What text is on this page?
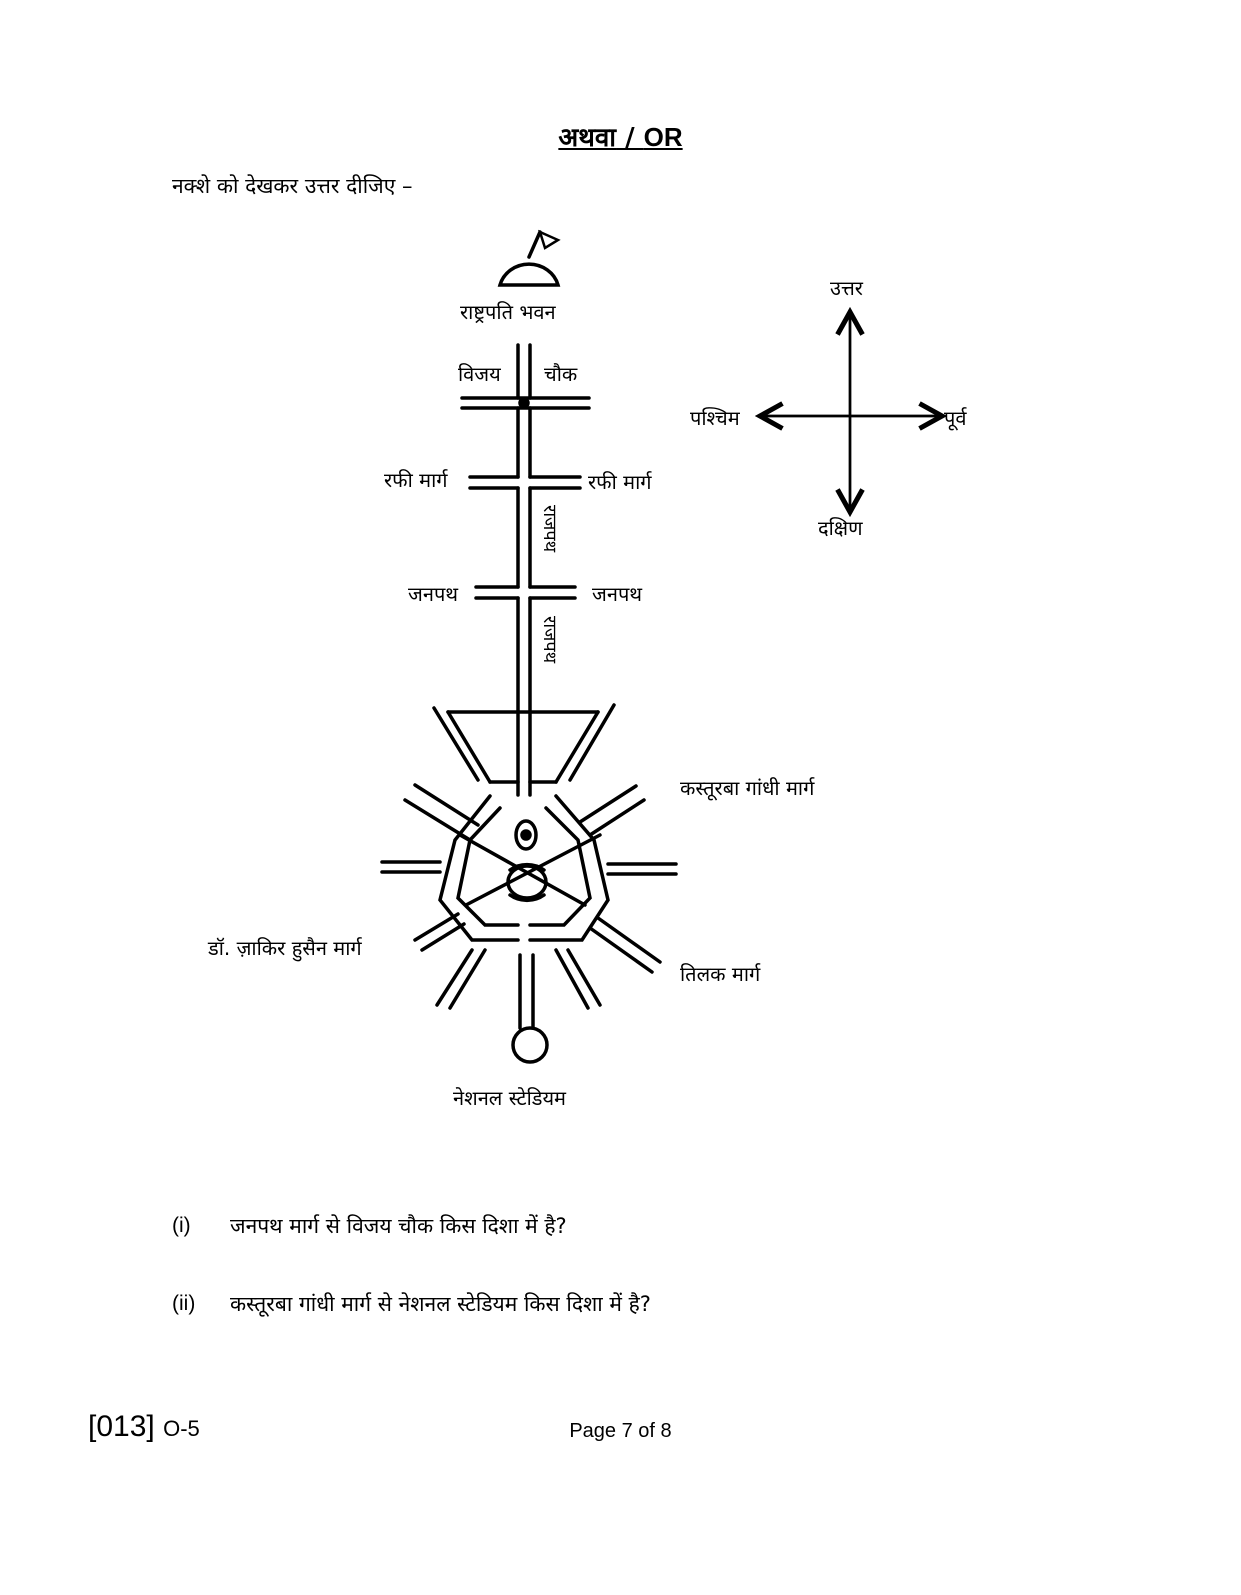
अथवा / OR
नक्शे को देखकर उत्तर दीजिए –
राष्ट्रपति भवन
विजय चौक
रफी मार्ग	रफी मार्ग
राजपथ
राजपथ
जनपथ	जनपथ
कस्तूरबा गांधी मार्ग
डॉ. ज़ाकिर हुसैन मार्ग
तिलक मार्ग
नेशनल स्टेडियम
उत्तर
दक्षिण
पश्चिम	पूर्व
(i) जनपथ मार्ग से विजय चौक किस दिशा में है?
(ii) कस्तूरबा गांधी मार्ग से नेशनल स्टेडियम किस दिशा में है?
[013] O-5	Page 7 of 8
